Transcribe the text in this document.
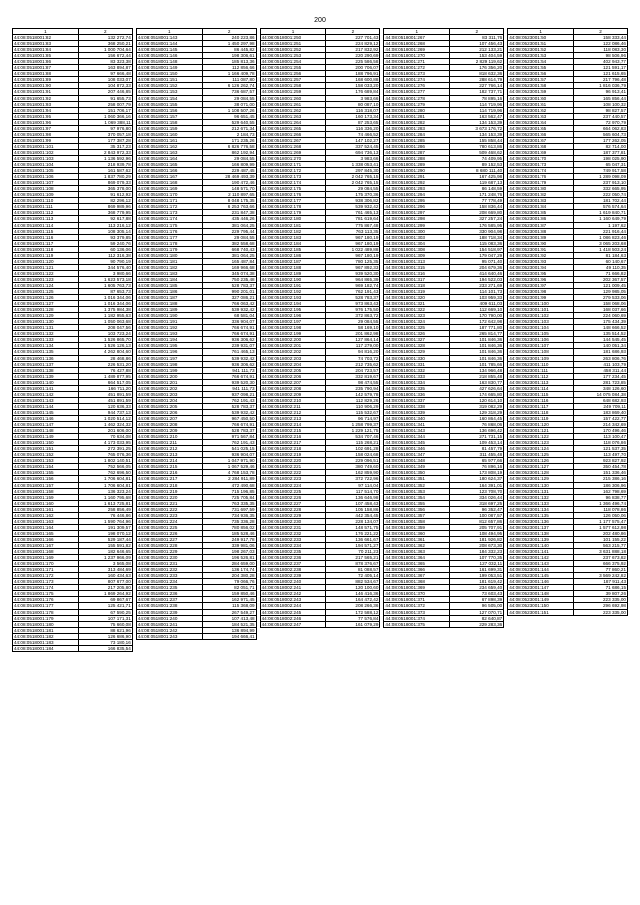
200
1	2
44:08:0518001:82	132 272,74
44:08:0518001:83	368 250,21
44:08:0518001:84	1 000 704,64
44:08:0518001:85	156 672,44
44:08:0518001:86	83 323,38
44:08:0518001:87	163 894,87
44:08:0518001:88	97 666,48
44:08:0518001:89	108 033,07
44:08:0518001:90	104 872,33
44:08:0518001:91	207 446,85
44:08:0518001:92	91 655,73
44:08:0518001:93	258 007,79
44:08:0518001:94	151 706,17
44:08:0518001:95	1 060 366,16
44:08:0518001:96	1 069 388,11
44:08:0518001:97	97 976,80
44:08:0518001:98	370 057,18
44:08:0518001:99	177 387,28
44:08:0518001:101	35 317,23
44:08:0518001:102	2 843 972,33
44:08:0518001:103	1 136 592,96
44:08:0518001:104	218 939,78
44:08:0518001:105	161 587,62
44:08:0518001:106	1 837 780,29
44:08:0518001:107	869 079,33
44:08:0518001:108	365 378,00
44:08:0518001:109	91 612,92
44:08:0518001:110	82 296,12
44:08:0518001:111	869 989,96
44:08:0518001:112	368 779,95
44:08:0518001:113	92 617,88
44:08:0518001:114	113 216,12
44:08:0518001:115	108 305,14
44:08:0518001:116	93 379,85
44:08:0518001:117	59 240,76
44:08:0518001:118	60 136,06
44:08:0518001:119	112 316,38
44:08:0518001:120	90 790,19
44:08:0518001:121	344 576,40
44:08:0518001:122	3 980,66
44:08:0518001:123	1 623 573,18
44:08:0518001:124	1 605 763,73
44:08:0518001:125	87 653,73
44:08:0518001:126	1 016 344,06
44:08:0518001:127	1 016 344,06
44:08:0518001:128	1 375 984,38
44:08:0518001:129	1 182 955,63
44:08:0518001:130	1 050 063,68
44:08:0518001:131	208 047,56
44:08:0518001:132	103 723,24
44:08:0518001:133	1 526 865,70
44:08:0518001:134	1 526 126,13
44:08:0518001:135	4 262 804,60
44:08:0518001:136	28 468,86
44:08:0518001:137	226 531,20
44:08:0518001:138	76 427,88
44:08:0518001:139	1 489 877,95
44:08:0518001:140	664 517,05
44:08:0518001:141	166 711,20
44:08:0518001:142	451 891,59
44:08:0518001:143	451 891,59
44:08:0518001:144	120 636,33
44:08:0518001:145	944 737,13
44:08:0518001:146	1 020 514,12
44:08:0518001:147	1 462 324,32
44:08:0518001:148	201 606,00
44:08:0518001:149	70 634,08
44:08:0518001:150	4 173 033,95
44:08:0518001:151	272 391,25
44:08:0518001:152	765 076,36
44:08:0518001:153	1 802 140,51
44:08:0518001:154	752 566,05
44:08:0518001:155	762 696,50
44:08:0518001:156	1 706 604,81
44:08:0518001:157	1 706 604,81
44:08:0518001:158	136 323,24
44:08:0518001:159	1 160 795,68
44:08:0518001:160	1 613 725,81
44:08:0518001:161	258 856,49
44:08:0518001:162	76 446,86
44:08:0518001:163	1 590 764,96
44:08:0518001:164	191 309,57
44:08:0518001:165	198 070,12
44:08:0518001:166	529 187,44
44:08:0518001:167	155 591,82
44:08:0518001:168	182 646,65
44:08:0518001:169	1 237 966,09
44:08:0518001:170	3 565,08
44:08:0518001:171	313 484,69
44:08:0518001:172	160 434,63
44:08:0518001:173	807 677,00
44:08:0518001:174	217 205,80
44:08:0518001:175	1 869 264,92
44:08:0518001:176	69 867,67
44:08:0518001:177	125 421,71
44:08:0518001:178	67 590,25
44:08:0518001:179	107 171,31
44:08:0518001:180	75 660,08
44:08:0518001:181	88 621,96
44:08:0518001:182	126 686,90
44:08:0518001:183	73 180,16
44:08:0518001:184	166 835,54
1	2
44:08:0518001:143	240 223,86
44:08:0518001:144	1 450 297,98
44:08:0518001:145	86 445,82
44:08:0518001:146	198 306,61
44:08:0518001:148	185 813,36
44:08:0518001:149	112 856,66
44:08:0518001:150	1 166 409,78
44:08:0518001:151	111 087,80
44:08:0518001:152	6 126 262,74
44:08:0518001:153	736 687,57
44:08:0518001:154	29 084,55
44:08:0518001:155	38 071,00
44:08:0518001:156	1 108 507,26
44:08:0518001:157	96 651,45
44:08:0518001:158	529 640,55
44:08:0518001:159	212 671,34
44:08:0518001:160	2 184,73
44:08:0518001:161	171 235,26
44:08:0518001:162	6 826 776,58
44:08:0518001:163	862 192,94
44:08:0518001:164	29 084,55
44:08:0518001:165	166 809,99
44:08:0518001:166	229 487,45
44:08:0518001:167	28 469 493,39
44:08:0518001:168	190 472,46
44:08:0518001:169	148 571,70
44:08:0518001:170	2 110 897,65
44:08:0518001:171	8 048 175,35
44:08:0518001:172	6 253 763,66
44:08:0518001:173	231 847,38
44:08:0518001:174	435 446,26
44:08:0518001:175	381 064,25
44:08:0518001:176	229 795,44
44:08:0518001:177	29 084,55
44:08:0518001:178	382 558,68
44:08:0518001:179	668 740,43
44:08:0518001:180	381 064,25
44:08:0518001:181	165 487,84
44:08:0518001:182	169 966,68
44:08:0518001:183	345 074,38
44:08:0518001:184	750 235,48
44:08:0518001:185	528 783,37
44:08:0518001:186	990 201,01
44:08:0518001:187	327 086,21
44:08:0518001:188	766 063,42
44:08:0518001:189	539 932,42
44:08:0518001:190	68 581,04
44:08:0518001:191	336 904,07
44:08:0518001:192	766 674,91
44:08:0518001:193	766 674,91
44:08:0518001:194	936 306,62
44:08:0518001:195	239 931,07
44:08:0518001:196	761 465,13
44:08:0518001:197	539 932,42
44:08:0518001:198	936 306,62
44:08:0518001:199	941 111,73
44:08:0518001:200	766 674,91
44:08:0518001:201	939 520,30
44:08:0518001:202	941 111,73
44:08:0518001:203	937 098,21
44:08:0518001:204	762 191,43
44:08:0518001:205	528 783,37
44:08:0518001:206	539 932,42
44:08:0518001:207	967 450,50
44:08:0518001:208	766 674,91
44:08:0518001:209	528 783,37
44:08:0518001:210	971 567,84
44:08:0518001:211	762 191,43
44:08:0518001:212	541 025,15
44:08:0518001:213	936 904,07
44:08:0518001:214	1 047 971,90
44:08:0518001:215	1 067 529,46
44:08:0518001:216	4 768 153,78
44:08:0518001:217	2 284 911,89
44:08:0518001:218	472 490,68
44:08:0518001:219	715 196,85
44:08:0518001:220	725 705,84
44:08:0518001:221	763 335,35
44:08:0518001:222	731 697,59
44:08:0518001:223	734 936,35
44:08:0518001:224	735 336,28
44:08:0518001:225	780 856,02
44:08:0518001:226	185 528,46
44:08:0518001:227	249 917,78
44:08:0518001:228	339 981,06
44:08:0518001:229	198 267,03
44:08:0518001:230	196 526,81
44:08:0518001:231	284 659,00
44:08:0518001:232	136 174,74
44:08:0518001:233	204 380,28
44:08:0518001:234	79 066,76
44:08:0518001:235	82 051,71
44:08:0518001:236	159 850,46
44:08:0518001:237	162 971,45
44:08:0518001:238	115 368,09
44:08:0518001:239	267 549,27
44:08:0518001:240	107 413,48
44:08:0518001:241	184 521,35
44:08:0518001:242	136 894,99
44:08:0518001:243	194 666,41
1	2
44:08:0518001:250	227 701,43
44:08:0518001:251	224 829,12
44:08:0518001:252	217 832,92
44:08:0518001:253	220 290,69
44:08:0518001:254	225 586,58
44:08:0518001:255	200 706,07
44:08:0518001:256	188 796,91
44:08:0518001:257	168 600,88
44:08:0518001:258	158 033,20
44:08:0518001:259	176 689,84
44:08:0518001:260	3 983,66
44:08:0518001:261	80 087,10
44:08:0518001:262	116 318,07
44:08:0518001:263	160 173,34
44:08:0518001:264	87 253,65
44:08:0518001:265	116 336,20
44:08:0518001:266	74 466,52
44:08:0518001:267	147 102,27
44:08:0518001:268	337 524,45
44:08:0518001:269	694 736,13
44:08:0518001:270	3 983,66
44:08:0518002:171	1 338 053,41
44:08:0518002:172	297 845,30
44:08:0518002:173	2 042 765,15
44:08:0518002:174	2 042 765,15
44:08:0518002:175	29 084,55
44:08:0518002:176	175 370,36
44:08:0518002:177	938 306,82
44:08:0518002:178	539 932,42
44:08:0518002:179	761 465,13
44:08:0518002:180	781 619,64
44:08:0518002:181	775 867,48
44:08:0518002:182	763 113,35
44:08:0518002:183	967 180,19
44:08:0518002:184	967 180,19
44:08:0518002:185	1 022 489,88
44:08:0518002:186	967 180,19
44:08:0518002:187	780 125,35
44:08:0518002:188	967 892,33
44:08:0518002:189	939 520,30
44:08:0518002:190	964 865,39
44:08:0518002:191	969 182,74
44:08:0518002:192	762 191,43
44:08:0518002:193	528 783,37
44:08:0518002:194	973 863,43
44:08:0518002:195	976 175,50
44:08:0518002:196	372 863,72
44:08:0518002:197	29 084,55
44:08:0518002:198	58 169,10
44:08:0518002:199	201 862,98
44:08:0518002:200	127 864,14
44:08:0518002:201	117 279,00
44:08:0518002:202	94 816,20
44:08:0518002:203	74 703,72
44:08:0518002:204	212 735,62
44:08:0518002:205	204 723,57
44:08:0518002:206	332 819,67
44:08:0518002:207	98 474,55
44:08:0518002:208	235 790,94
44:08:0518002:209	142 579,78
44:08:0518002:210	112 829,26
44:08:0518002:211	110 906,29
44:08:0518002:212	115 532,67
44:08:0518002:213	96 714,97
44:08:0518002:214	1 258 799,37
44:08:0518002:215	1 229 121,75
44:08:0518002:216	534 707,46
44:08:0518002:217	115 268,21
44:08:0518002:218	102 691,28
44:08:0518002:219	158 024,68
44:08:0518002:220	229 096,51
44:08:0518002:221	380 749,60
44:08:0518002:222	162 859,90
44:08:0518002:223	372 722,96
44:08:0518002:224	97 114,04
44:08:0518002:225	117 514,70
44:08:0518002:226	136 646,98
44:08:0518002:227	107 458,43
44:08:0518002:228	105 158,86
44:08:0518002:229	442 354,45
44:08:0518002:230	228 134,07
44:08:0518002:231	148 571,75
44:08:0518002:232	176 221,22
44:08:0518002:233	136 661,67
44:08:0518002:234	194 571,27
44:08:0518002:235	70 211,23
44:08:0518002:236	217 565,21
44:08:0518002:237	878 376,67
44:08:0518002:238	81 088,57
44:08:0518002:239	72 405,14
44:08:0518002:240	882 534,67
44:08:0518002:241	120 100,60
44:08:0518002:242	146 416,36
44:08:0518002:243	164 472,42
44:08:0518002:244	208 266,36
44:08:0518002:245	172 588,12
44:08:0518002:246	77 576,84
44:08:0518002:247	161 079,29
1	2
44:08:0518001:267	83 311,76
44:08:0518001:268	107 456,43
44:08:0518001:269	212 133,21
44:08:0518001:270	153 404,59
44:08:0518001:271	2 829 119,62
44:08:0518001:272	176 356,20
44:08:0518001:273	818 632,36
44:08:0518001:274	288 614,79
44:08:0518001:276	227 766,14
44:08:0518001:277	182 737,71
44:08:0518001:278	78 895,16
44:08:0518001:279	114 719,96
44:08:0518001:280	114 719,96
44:08:0518001:281	163 562,47
44:08:0518001:282	134 153,39
44:08:0518001:283	3 673 176,72
44:08:0518001:284	134 153,39
44:08:0518001:285	155 858,44
44:08:0518001:286	780 613,86
44:08:0518001:287	509 468,62
44:08:0518001:288	74 409,95
44:08:0518001:289	89 152,53
44:08:0518001:290	8 680 111,40
44:08:0518001:291	167 425,98
44:08:0518001:292	119 687,13
44:08:0518001:293	86 148,59
44:08:0518001:294	171 248,76
44:08:0518001:295	77 778,49
44:08:0518001:296	158 836,44
44:08:0518001:297	208 669,80
44:08:0518001:298	327 257,24
44:08:0518001:299	176 585,95
44:08:0518001:300	330 904,98
44:08:0518001:303	188 718,34
44:08:0518001:304	115 083,36
44:08:0518001:308	154 518,97
44:08:0518001:309	179 047,29
44:08:0518001:313	95 071,40
44:08:0518001:315	204 679,36
44:08:0518001:316	414 640,46
44:08:0518001:317	194 522,03
44:08:0518001:318	233 271,69
44:08:0518001:319	114 101,73
44:08:0518001:320	103 959,33
44:08:0518001:321	409 611,03
44:08:0518001:322	112 669,10
44:08:0518001:323	170 790,00
44:08:0518001:324	172 642,98
44:08:0518001:325	187 771,80
44:08:0518001:326	265 814,77
44:08:0518001:327	101 846,36
44:08:0518001:328	101 846,36
44:08:0518001:329	101 846,36
44:08:0518001:330	101 846,36
44:08:0518001:331	101 785,66
44:08:0518001:332	134 966,48
44:08:0518001:333	218 855,48
44:08:0518001:334	163 830,77
44:08:0518001:335	427 626,64
44:08:0518001:336	174 665,80
44:08:0518001:337	120 614,10
44:08:0518001:338	319 082,29
44:08:0518001:339	129 318,29
44:08:0518001:340	160 864,45
44:08:0518001:341	76 868,06
44:08:0518001:343	136 696,42
44:08:0518001:344	271 731,15
44:08:0518001:345	109 453,14
44:08:0518001:346	81 457,79
44:08:0518001:347	311 455,48
44:08:0518001:348	65 977,66
44:08:0518001:349	76 896,16
44:08:0518001:350	173 808,19
44:08:0518001:351	180 624,37
44:08:0518001:352	164 391,01
44:08:0518001:353	123 708,70
44:08:0518001:354	334 026,44
44:08:0518001:355	318 697,25
44:08:0518001:356	96 352,47
44:08:0518001:357	100 087,57
44:08:0518001:358	812 657,86
44:08:0518001:359	205 707,91
44:08:0518001:360	108 494,95
44:08:0518001:361	181 926,82
44:08:0518001:362	208 673,30
44:08:0518001:363	184 332,23
44:08:0518001:364	107 770,35
44:08:0518001:365	127 032,11
44:08:0518001:366	161 699,31
44:08:0518001:367	199 053,51
44:08:0518001:368	181 619,42
44:08:0518001:369	234 659,40
44:08:0518001:370	73 603,43
44:08:0518001:371	67 898,39
44:08:0518001:372	96 505,00
44:08:0518001:373	127 070,71
44:08:0518001:374	82 640,87
44:08:0518001:375	229 283,36
1	2
44:08:0523001:50	158 333,44
44:08:0523001:51	122 086,46
44:08:0523001:52	118 083,30
44:08:0523001:53	98 506,96
44:08:0523001:54	402 943,77
44:08:0523001:55	121 591,17
44:08:0523001:56	121 615,65
44:08:0523001:57	217 796,48
44:08:0523001:58	1 816 036,79
44:08:0523001:59	96 913,41
44:08:0523001:60	165 856,44
44:08:0523001:61	108 100,32
44:08:0523001:62	98 827,57
44:08:0523001:63	237 440,57
44:08:0523001:64	72 970,79
44:08:0523001:65	664 062,83
44:08:0523001:66	565 604,73
44:08:0523001:67	177 262,05
44:08:0523001:68	82 714,00
44:08:0523001:69	187 377,81
44:08:0523001:70	198 025,90
44:08:0523001:73	65 047,31
44:08:0523001:74	749 917,58
44:08:0523001:76	1 289 098,09
44:08:0523001:79	237 913,10
44:08:0523001:80	332 665,95
44:08:0523001:82	222 050,74
44:08:0523001:83	181 702,44
44:08:0523001:84	576 574,64
44:08:0523001:85	1 619 840,71
44:08:0523001:86	1 160 649,79
44:08:0523001:87	1 197,62
44:08:0523001:88	221 916,44
44:08:0523001:89	1 086 823,46
44:08:0523001:90	3 065 203,68
44:08:0523001:91	1 418 503,24
44:08:0523001:92	81 184,63
44:08:0523001:93	60 140,67
44:08:0523001:94	49 110,35
44:08:0523001:95	71 666,82
44:08:0523001:96	202 367,57
44:08:0523001:97	121 009,45
44:08:0523001:98	129 985,05
44:08:0523001:99	279 533,06
44:08:0523001:100	158 068,06
44:08:0523001:101	168 037,66
44:08:0523001:102	224 060,69
44:08:0523001:103	175 434,39
44:08:0523001:104	148 666,52
44:08:0523001:105	135 514,52
44:08:0523001:106	144 545,45
44:08:0523001:107	140 051,34
44:08:0523001:108	181 686,93
44:08:0523001:109	263 806,76
44:08:0523001:110	411 103,79
44:08:0523001:111	458 311,44
44:08:0523001:112	177 234,45
44:08:0523001:113	281 723,85
44:08:0523001:114	348 126,60
44:08:0523001:115	14 075 084,38
44:08:0523001:116	648 682,93
44:08:0523001:117	249 709,11
44:08:0523001:118	183 869,40
44:08:0523001:119	157 422,77
44:08:0523001:120	214 342,69
44:08:0523001:121	170 496,46
44:08:0523001:122	113 100,47
44:08:0523001:123	118 076,86
44:08:0523001:124	121 537,35
44:08:0523001:125	113 497,70
44:08:0523001:126	923 827,92
44:08:0523001:127	350 454,78
44:08:0523001:128	151 336,46
44:08:0523001:129	215 386,16
44:08:0523001:130	186 306,96
44:08:0523001:131	162 798,69
44:08:0523001:132	96 838,77
44:08:0523001:133	1 366 496,74
44:08:0523001:134	118 078,86
44:08:0523001:135	126 050,06
44:08:0523001:136	1 177 575,47
44:08:0523001:137	1 577 612,98
44:08:0523001:138	202 480,86
44:08:0523001:139	101 155,22
44:08:0523001:140	563 215,77
44:08:0523001:141	3 631 888,18
44:08:0523001:142	237 673,82
44:08:0523001:143	666 375,92
44:08:0523001:144	77 860,21
44:08:0523001:145	3 569 242,82
44:08:0523001:146	187 911,43
44:08:0523001:147	71 686,15
44:08:0523001:148	39 807,26
44:08:0523001:149	223 335,00
44:08:0523001:150	296 692,98
44:08:0523001:151	223 335,00
